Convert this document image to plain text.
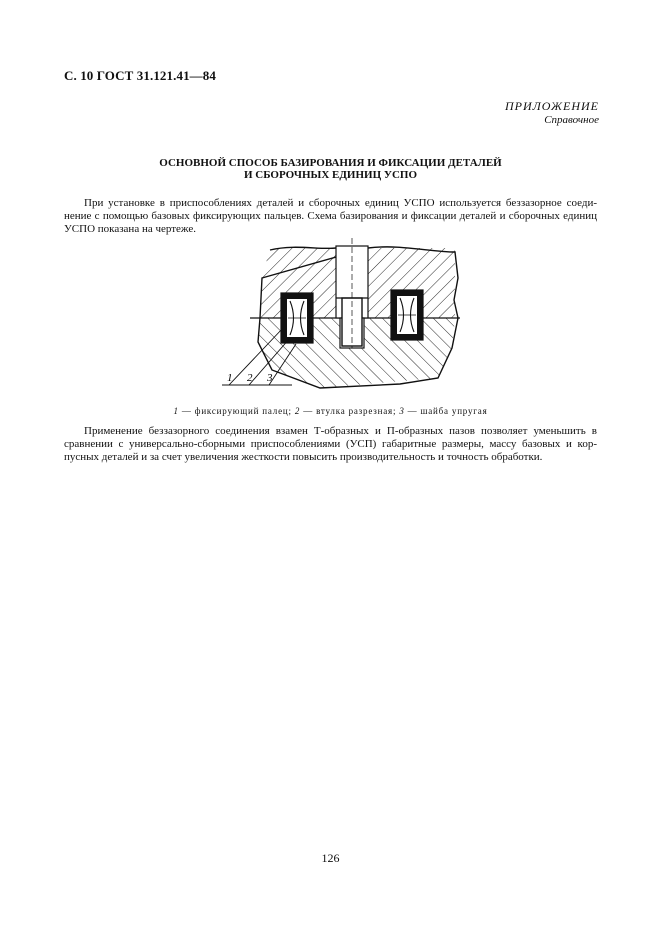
С. 10 ГОСТ 31.121.41—84
ПРИЛОЖЕНИЕ
Справочное
ОСНОВНОЙ СПОСОБ БАЗИРОВАНИЯ И ФИКСАЦИИ ДЕТАЛЕЙ
И СБОРОЧНЫХ ЕДИНИЦ УСПО

При установке в приспособлениях деталей и сборочных единиц УСПО используется беззазорное соеди-
нение с помощью базовых фиксирующих пальцев. Схема базирования и фиксации деталей и сборочных единиц
УСПО показана на чертеже.

1 2 3
1 — фиксирующий палец; 2 — втулка разрезная; 3 — шайба упругая

Применение беззазорного соединения взамен Т-образных и П-образных пазов позволяет уменьшить в
сравнении с универсально-сборными приспособлениями (УСП) габаритные размеры, массу базовых и кор-
пусных деталей и за счет увеличения жесткости повысить производительность и точность обработки.

126
